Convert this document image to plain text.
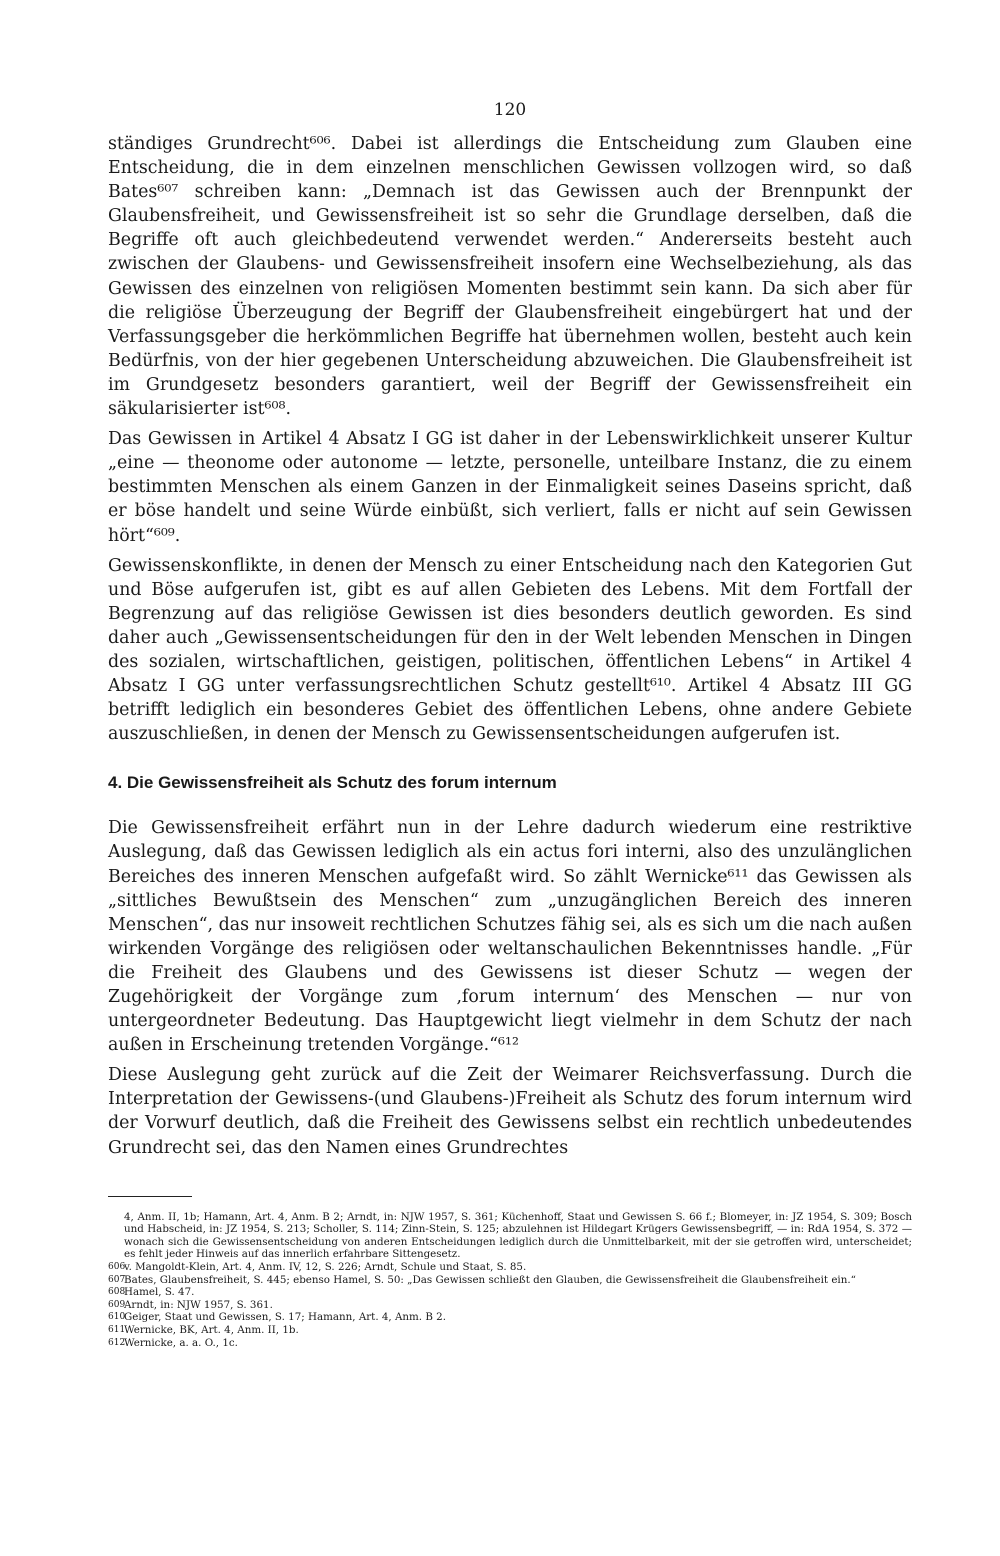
120

ständiges Grundrecht⁶⁰⁶. Dabei ist allerdings die Entscheidung zum Glauben eine Entscheidung, die in dem einzelnen menschlichen Gewissen vollzogen wird, so daß Bates⁶⁰⁷ schreiben kann: „Demnach ist das Gewissen auch der Brennpunkt der Glaubensfreiheit, und Gewissensfreiheit ist so sehr die Grundlage derselben, daß die Begriffe oft auch gleichbedeutend verwendet werden.“ Andererseits besteht auch zwischen der Glaubens- und Gewissensfreiheit insofern eine Wechselbeziehung, als das Gewissen des einzelnen von religiösen Momenten bestimmt sein kann. Da sich aber für die religiöse Überzeugung der Begriff der Glaubensfreiheit eingebürgert hat und der Verfassungsgeber die herkömmlichen Begriffe hat übernehmen wollen, besteht auch kein Bedürfnis, von der hier gegebenen Unterscheidung abzuweichen. Die Glaubensfreiheit ist im Grundgesetz besonders garantiert, weil der Begriff der Gewissensfreiheit ein säkularisierter ist⁶⁰⁸.

Das Gewissen in Artikel 4 Absatz I GG ist daher in der Lebenswirklichkeit unserer Kultur „eine — theonome oder autonome — letzte, personelle, unteilbare Instanz, die zu einem bestimmten Menschen als einem Ganzen in der Einmaligkeit seines Daseins spricht, daß er böse handelt und seine Würde einbüßt, sich verliert, falls er nicht auf sein Gewissen hört“⁶⁰⁹.

Gewissenskonflikte, in denen der Mensch zu einer Entscheidung nach den Kategorien Gut und Böse aufgerufen ist, gibt es auf allen Gebieten des Lebens. Mit dem Fortfall der Begrenzung auf das religiöse Gewissen ist dies besonders deutlich geworden. Es sind daher auch „Gewissensentscheidungen für den in der Welt lebenden Menschen in Dingen des sozialen, wirtschaftlichen, geistigen, politischen, öffentlichen Lebens“ in Artikel 4 Absatz I GG unter verfassungsrechtlichen Schutz gestellt⁶¹⁰. Artikel 4 Absatz III GG betrifft lediglich ein besonderes Gebiet des öffentlichen Lebens, ohne andere Gebiete auszuschließen, in denen der Mensch zu Gewissensentscheidungen aufgerufen ist.

4. Die Gewissensfreiheit als Schutz des forum internum

Die Gewissensfreiheit erfährt nun in der Lehre dadurch wiederum eine restriktive Auslegung, daß das Gewissen lediglich als ein actus fori interni, also des unzulänglichen Bereiches des inneren Menschen aufgefaßt wird. So zählt Wernicke⁶¹¹ das Gewissen als „sittliches Bewußtsein des Menschen“ zum „unzugänglichen Bereich des inneren Menschen“, das nur insoweit rechtlichen Schutzes fähig sei, als es sich um die nach außen wirkenden Vorgänge des religiösen oder weltanschaulichen Bekenntnisses handle. „Für die Freiheit des Glaubens und des Gewissens ist dieser Schutz — wegen der Zugehörigkeit der Vorgänge zum ‚forum internum‘ des Menschen — nur von untergeordneter Bedeutung. Das Hauptgewicht liegt vielmehr in dem Schutz der nach außen in Erscheinung tretenden Vorgänge.“⁶¹²

Diese Auslegung geht zurück auf die Zeit der Weimarer Reichsverfassung. Durch die Interpretation der Gewissens-(und Glaubens-)Freiheit als Schutz des forum internum wird der Vorwurf deutlich, daß die Freiheit des Gewissens selbst ein rechtlich unbedeutendes Grundrecht sei, das den Namen eines Grundrechtes

4, Anm. II, 1b; Hamann, Art. 4, Anm. B 2; Arndt, in: NJW 1957, S. 361; Küchenhoff, Staat und Gewissen S. 66 f.; Blomeyer, in: JZ 1954, S. 309; Bosch und Habscheid, in: JZ 1954, S. 213; Scholler, S. 114; Zinn-Stein, S. 125; abzulehnen ist Hildegart Krügers Gewissensbegriff, — in: RdA 1954, S. 372 — wonach sich die Gewissensentscheidung von anderen Entscheidungen lediglich durch die Unmittelbarkeit, mit der sie getroffen wird, unterscheidet; es fehlt jeder Hinweis auf das innerlich erfahrbare Sittengesetz.
606
v. Mangoldt-Klein, Art. 4, Anm. IV, 12, S. 226; Arndt, Schule und Staat, S. 85.
607
Bates, Glaubensfreiheit, S. 445; ebenso Hamel, S. 50: „Das Gewissen schließt den Glauben, die Gewissensfreiheit die Glaubensfreiheit ein.“
608
Hamel, S. 47.
609
Arndt, in: NJW 1957, S. 361.
610
Geiger, Staat und Gewissen, S. 17; Hamann, Art. 4, Anm. B 2.
611
Wernicke, BK, Art. 4, Anm. II, 1b.
612
Wernicke, a. a. O., 1c.
